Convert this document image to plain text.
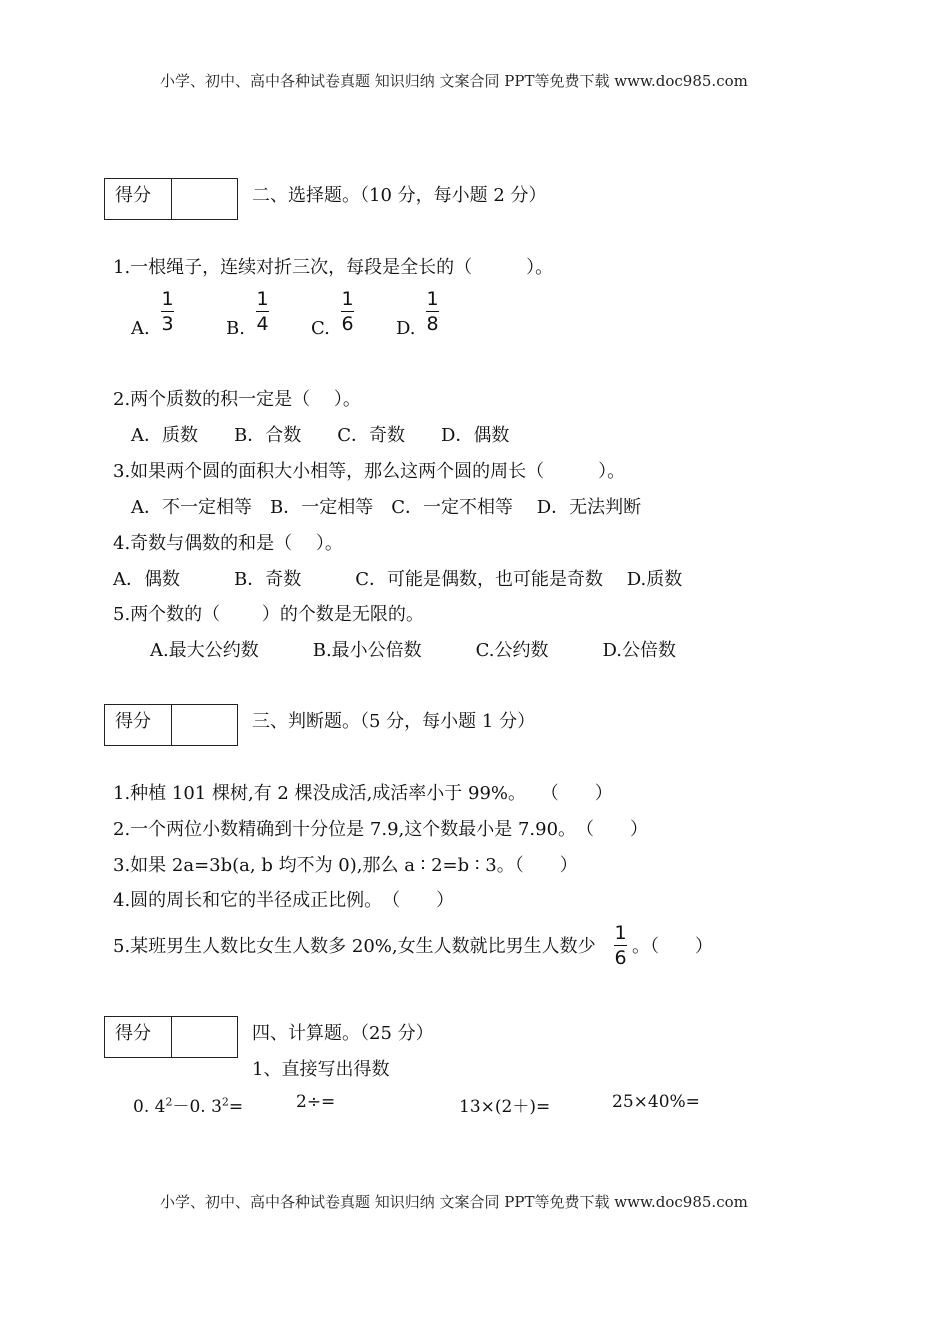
小学、初中、高中各种试卷真题 知识归纳 文案合同 PPT等免费下载 www.doc985.com
得分	二、选择题。（10 分，每小题 2 分）
1.一根绳子，连续对折三次，每段是全长的（　　　）。
A.
1
3	B.
1
4 C.
1
6 D.
1
8
2.两个质数的积一定是（　 ）。
A．质数　　B．合数　　C．奇数　　D．偶数
3.如果两个圆的面积大小相等，那么这两个圆的周长（　　　）。
A．不一定相等　B．一定相等　C．一定不相等　 D．无法判断
4.奇数与偶数的和是（　 ）。
A．偶数　　　B．奇数　　　C．可能是偶数，也可能是奇数　 D.质数
5.两个数的（　　 ）的个数是无限的。
A.最大公约数　　　B.最小公倍数　　　C.公约数　　　D.公倍数
得分	三、判断题。（5 分，每小题 1 分）
1.种植 101 棵树,有 2 棵没成活,成活率小于 99%。　 （　　）
2.一个两位小数精确到十分位是 7.9,这个数最小是 7.90。　（　　）
3.如果 2a=3b(a, b 均不为 0),那么 a ∶ 2=b ∶ 3。（　　）
4.圆的周长和它的半径成正比例。　（　　）
5.某班男生人数比女生人数多 20%,女生人数就比男生人数少
1
6
。（　　）
得分	四、计算题。（25 分）
1、直接写出得数
0. $4^2-0$. $3^2=$	2÷=	13×(2＋)=	25×40%=
小学、初中、高中各种试卷真题 知识归纳 文案合同 PPT等免费下载 www.doc985.com
